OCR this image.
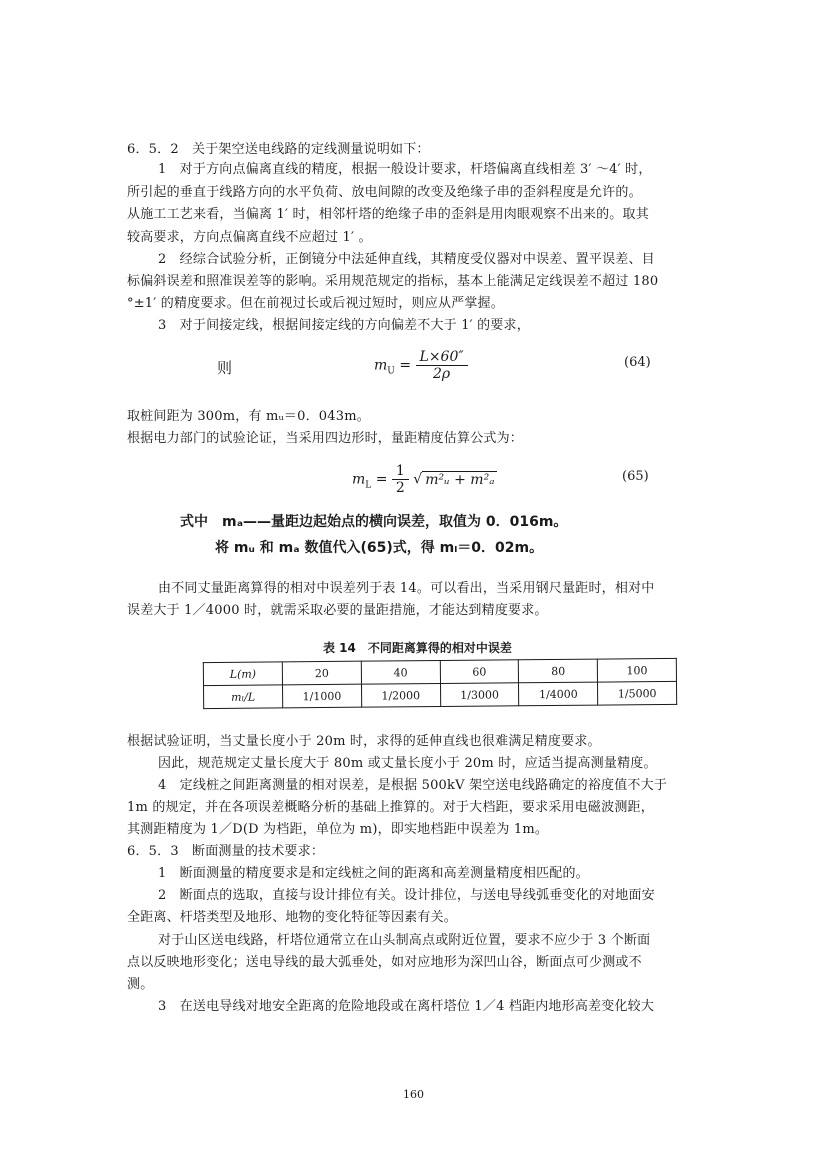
6．5．2　关于架空送电线路的定线测量说明如下：
1　对于方向点偏离直线的精度，根据一般设计要求，杆塔偏离直线相差 3′ ～4′ 时，
所引起的垂直于线路方向的水平负荷、放电间隙的改变及绝缘子串的歪斜程度是允许的。
从施工工艺来看，当偏离 1′ 时，相邻杆塔的绝缘子串的歪斜是用肉眼观察不出来的。取其
较高要求，方向点偏离直线不应超过 1′ 。
2　经综合试验分析，正倒镜分中法延伸直线，其精度受仪器对中误差、置平误差、目
标偏斜误差和照准误差等的影响。采用规范规定的指标，基本上能满足定线误差不超过 180
°±1′ 的精度要求。但在前视过长或后视过短时，则应从严掌握。
3　对于间接定线，根据间接定线的方向偏差不大于 1′ 的要求，
则	$m_U = \frac{L\times 60''}{2\rho}$	(64)
取桩间距为 300m，有 mᵤ＝0．043m。
根据电力部门的试验论证，当采用四边形时，量距精度估算公式为：
$m_L = \frac{1}{2}$ √ m²ᵤ + m²ₐ	(65)
式中　mₐ——量距边起始点的横向误差，取值为 0．016m。
将 mᵤ 和 mₐ 数值代入(65)式，得 mₗ＝0．02m。
由不同丈量距离算得的相对中误差列于表 14。可以看出，当采用钢尺量距时，相对中
误差大于 1／4000 时，就需采取必要的量距措施，才能达到精度要求。
表 14　不同距离算得的相对中误差
L(m)	20	40	60	80	100
mₗ/L	1/1000	1/2000	1/3000	1/4000	1/5000
根据试验证明，当丈量长度小于 20m 时，求得的延伸直线也很难满足精度要求。
因此，规范规定丈量长度大于 80m 或丈量长度小于 20m 时，应适当提高测量精度。
4　定线桩之间距离测量的相对误差，是根据 500kV 架空送电线路确定的裕度值不大于
1m 的规定，并在各项误差概略分析的基础上推算的。对于大档距，要求采用电磁波测距，
其测距精度为 1／D(D 为档距，单位为 m)，即实地档距中误差为 1m。
6．5．3　断面测量的技术要求：
1　断面测量的精度要求是和定线桩之间的距离和高差测量精度相匹配的。
2　断面点的选取，直接与设计排位有关。设计排位，与送电导线弧垂变化的对地面安
全距离、杆塔类型及地形、地物的变化特征等因素有关。
对于山区送电线路，杆塔位通常立在山头制高点或附近位置，要求不应少于 3 个断面
点以反映地形变化；送电导线的最大弧垂处，如对应地形为深凹山谷，断面点可少测或不
测。
3　在送电导线对地安全距离的危险地段或在离杆塔位 1／4 档距内地形高差变化较大
160
